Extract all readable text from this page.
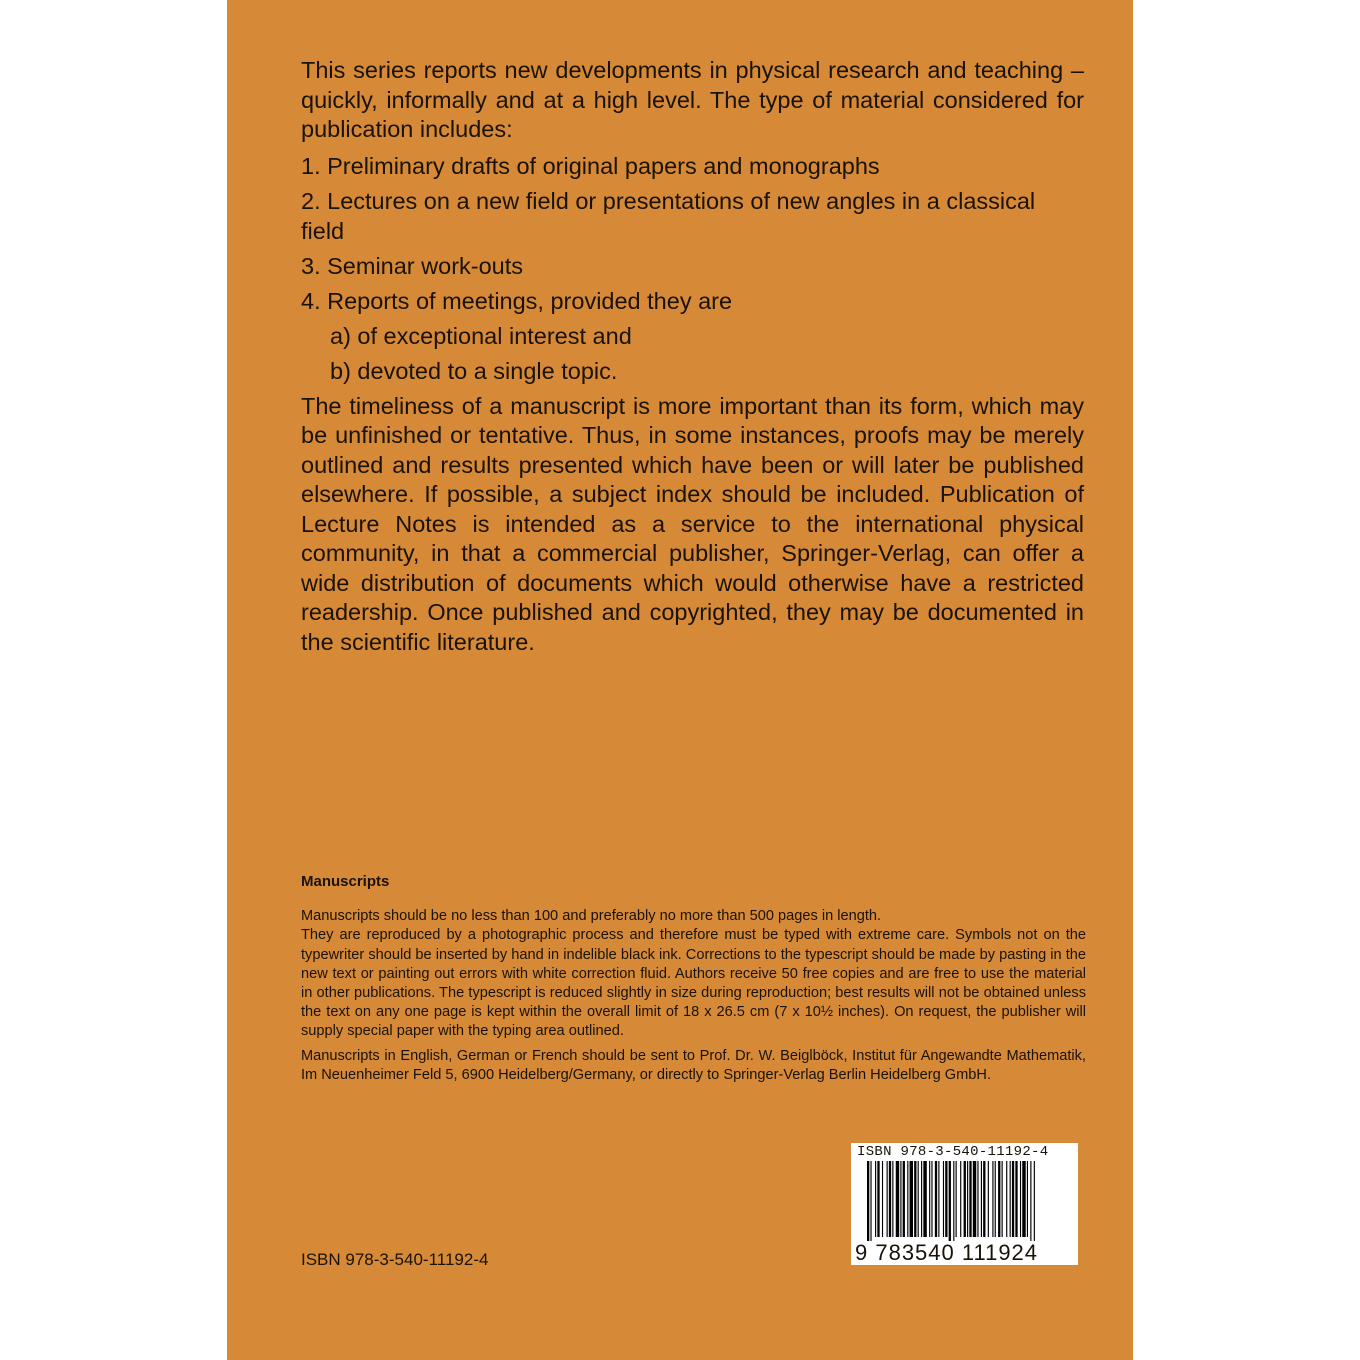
This series reports new developments in physical research and teaching – quickly, informally and at a high level. The type of material considered for publication includes:

1. Preliminary drafts of original papers and monographs
2. Lectures on a new field or presentations of new angles in a classical field
3. Seminar work-outs
4. Reports of meetings, provided they are
a) of exceptional interest and
b) devoted to a single topic.

The timeliness of a manuscript is more important than its form, which may be unfinished or tentative. Thus, in some instances, proofs may be merely outlined and results presented which have been or will later be published elsewhere. If possible, a subject index should be included. Publication of Lecture Notes is intended as a service to the international physical community, in that a commercial publisher, Springer-Verlag, can offer a wide distribution of documents which would otherwise have a restricted readership. Once published and copyrighted, they may be documented in the scientific literature.

Manuscripts

Manuscripts should be no less than 100 and preferably no more than 500 pages in length.

They are reproduced by a photographic process and therefore must be typed with extreme care. Symbols not on the typewriter should be inserted by hand in indelible black ink. Corrections to the typescript should be made by pasting in the new text or painting out errors with white correction fluid. Authors receive 50 free copies and are free to use the material in other publications. The typescript is reduced slightly in size during reproduction; best results will not be obtained unless the text on any one page is kept within the overall limit of 18 x 26.5 cm (7 x 10½ inches). On request, the publisher will supply special paper with the typing area outlined.

Manuscripts in English, German or French should be sent to Prof. Dr. W. Beiglböck, Institut für Angewandte Mathematik, Im Neuenheimer Feld 5, 6900 Heidelberg/Germany, or directly to Springer-Verlag Berlin Heidelberg GmbH.

ISBN 978-3-540-11192-4
ISBN 978-3-540-11192-4
9 783540 111924
